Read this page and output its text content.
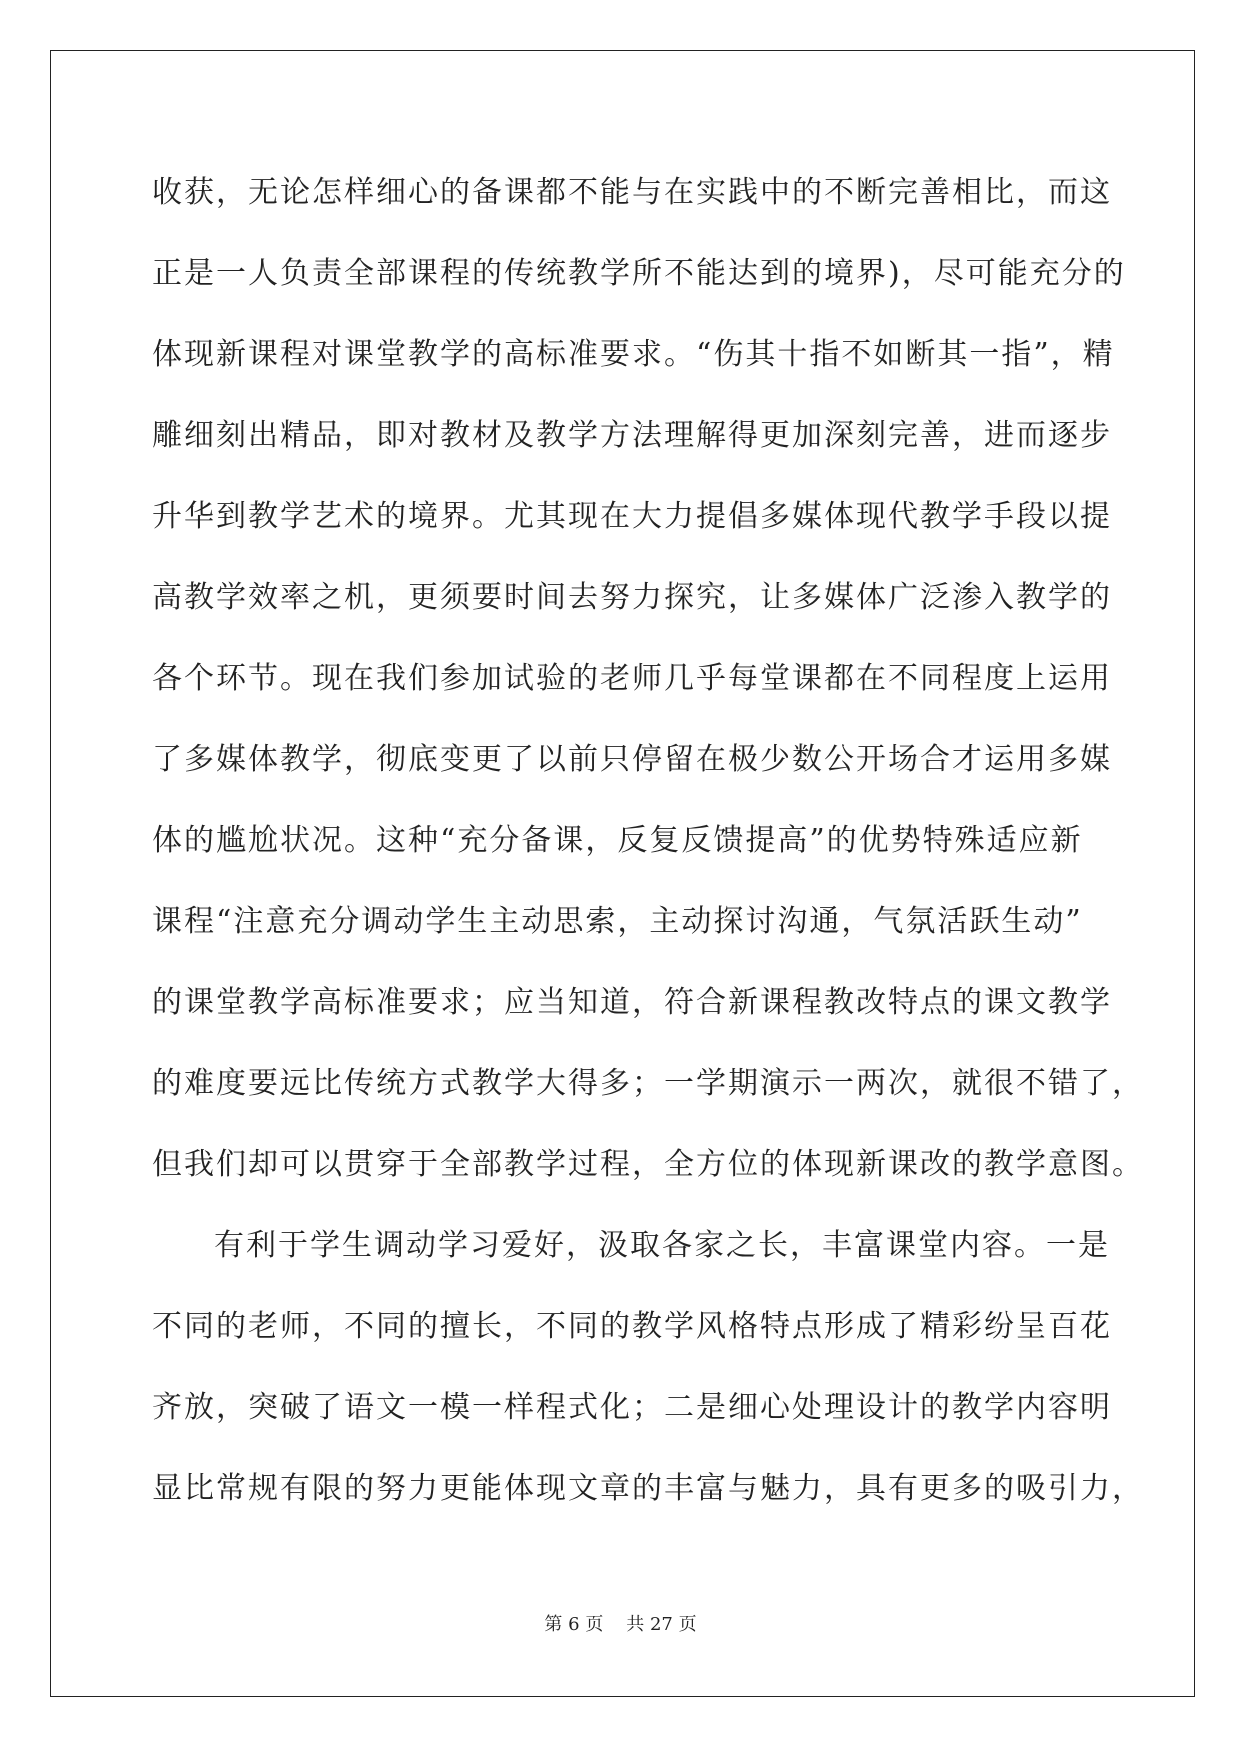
收获，无论怎样细心的备课都不能与在实践中的不断完善相比，而这
正是一人负责全部课程的传统教学所不能达到的境界)，尽可能充分的
体现新课程对课堂教学的高标准要求。“伤其十指不如断其一指”，精
雕细刻出精品，即对教材及教学方法理解得更加深刻完善，进而逐步
升华到教学艺术的境界。尤其现在大力提倡多媒体现代教学手段以提
高教学效率之机，更须要时间去努力探究，让多媒体广泛渗入教学的
各个环节。现在我们参加试验的老师几乎每堂课都在不同程度上运用
了多媒体教学，彻底变更了以前只停留在极少数公开场合才运用多媒
体的尴尬状况。这种“充分备课，反复反馈提高”的优势特殊适应新
课程“注意充分调动学生主动思索，主动探讨沟通，气氛活跃生动”
的课堂教学高标准要求；应当知道，符合新课程教改特点的课文教学
的难度要远比传统方式教学大得多；一学期演示一两次，就很不错了，
但我们却可以贯穿于全部教学过程，全方位的体现新课改的教学意图。
有利于学生调动学习爱好，汲取各家之长，丰富课堂内容。一是
不同的老师，不同的擅长，不同的教学风格特点形成了精彩纷呈百花
齐放，突破了语文一模一样程式化；二是细心处理设计的教学内容明
显比常规有限的努力更能体现文章的丰富与魅力，具有更多的吸引力，
第 6 页 共 27 页
